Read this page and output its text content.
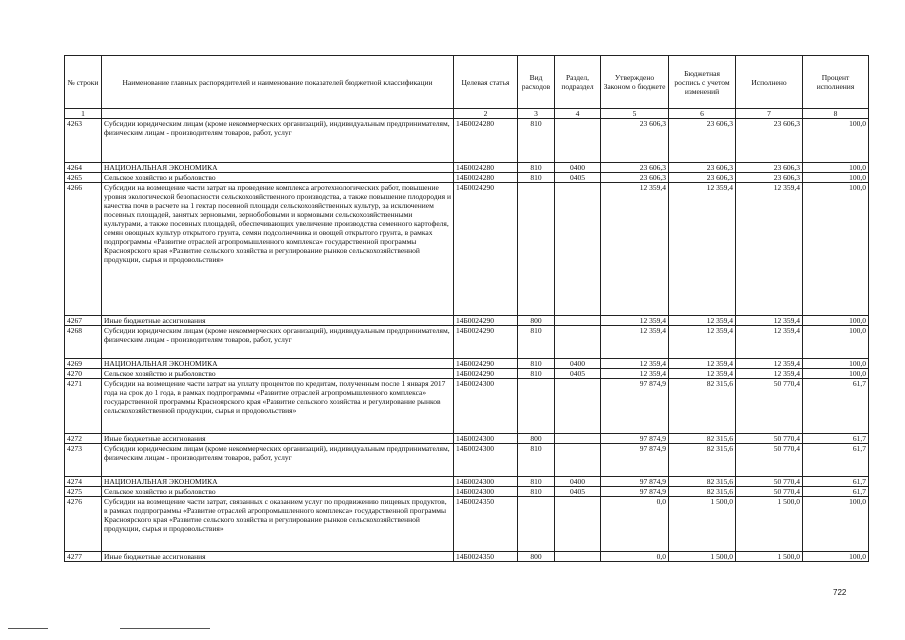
№ строки	Наименование главных распорядителей и наименование показателей бюджетной классификации	Целевая статья	Вид расходов	Раздел, подраздел	Утверждено Законом о бюджете	Бюджетная роспись с учетом изменений	Исполнено	Процент исполнения
1		2	3	4	5	6	7	8
4263	Субсидии юридическим лицам (кроме некоммерческих организаций), индивидуальным предпринимателям, физическим лицам - производителям товаров, работ, услуг	14Б0024280	810		23 606,3	23 606,3	23 606,3	100,0
4264	НАЦИОНАЛЬНАЯ ЭКОНОМИКА	14Б0024280	810	0400	23 606,3	23 606,3	23 606,3	100,0
4265	Сельское хозяйство и рыболовство	14Б0024280	810	0405	23 606,3	23 606,3	23 606,3	100,0
4266	Субсидии на возмещение части затрат на проведение комплекса агротехнологических работ, повышение уровня экологической безопасности сельскохозяйственного производства, а также повышение плодородия и качества почв в расчете на 1 гектар посевной площади сельскохозяйственных культур, за исключением посевных площадей, занятых зерновыми, зернобобовыми и кормовыми сельскохозяйственными культурами, а также посевных площадей, обеспечивающих увеличение производства семенного картофеля, семян овощных культур открытого грунта, семян подсолнечника и овощей открытого грунта, в рамках подпрограммы «Развитие отраслей агропромышленного комплекса» государственной программы Красноярского края «Развитие сельского хозяйства и регулирование рынков сельскохозяйственной продукции, сырья и продовольствия»	14Б0024290			12 359,4	12 359,4	12 359,4	100,0
4267	Иные бюджетные ассигнования	14Б0024290	800		12 359,4	12 359,4	12 359,4	100,0
4268	Субсидии юридическим лицам (кроме некоммерческих организаций), индивидуальным предпринимателям, физическим лицам - производителям товаров, работ, услуг	14Б0024290	810		12 359,4	12 359,4	12 359,4	100,0
4269	НАЦИОНАЛЬНАЯ ЭКОНОМИКА	14Б0024290	810	0400	12 359,4	12 359,4	12 359,4	100,0
4270	Сельское хозяйство и рыболовство	14Б0024290	810	0405	12 359,4	12 359,4	12 359,4	100,0
4271	Субсидии на возмещение части затрат на уплату процентов по кредитам, полученным после 1 января 2017 года на срок до 1 года, в рамках подпрограммы «Развитие отраслей агропромышленного комплекса» государственной программы Красноярского края «Развитие сельского хозяйства и регулирование рынков сельскохозяйственной продукции, сырья и продовольствия»	14Б0024300			97 874,9	82 315,6	50 770,4	61,7
4272	Иные бюджетные ассигнования	14Б0024300	800		97 874,9	82 315,6	50 770,4	61,7
4273	Субсидии юридическим лицам (кроме некоммерческих организаций), индивидуальным предпринимателям, физическим лицам - производителям товаров, работ, услуг	14Б0024300	810		97 874,9	82 315,6	50 770,4	61,7
4274	НАЦИОНАЛЬНАЯ ЭКОНОМИКА	14Б0024300	810	0400	97 874,9	82 315,6	50 770,4	61,7
4275	Сельское хозяйство и рыболовство	14Б0024300	810	0405	97 874,9	82 315,6	50 770,4	61,7
4276	Субсидии на возмещение части затрат, связанных с оказанием услуг по продвижению пищевых продуктов, в рамках подпрограммы «Развитие отраслей агропромышленного комплекса» государственной программы Красноярского края «Развитие сельского хозяйства и регулирование рынков сельскохозяйственной продукции, сырья и продовольствия»	14Б0024350			0,0	1 500,0	1 500,0	100,0
4277	Иные бюджетные ассигнования	14Б0024350	800		0,0	1 500,0	1 500,0	100,0
722
